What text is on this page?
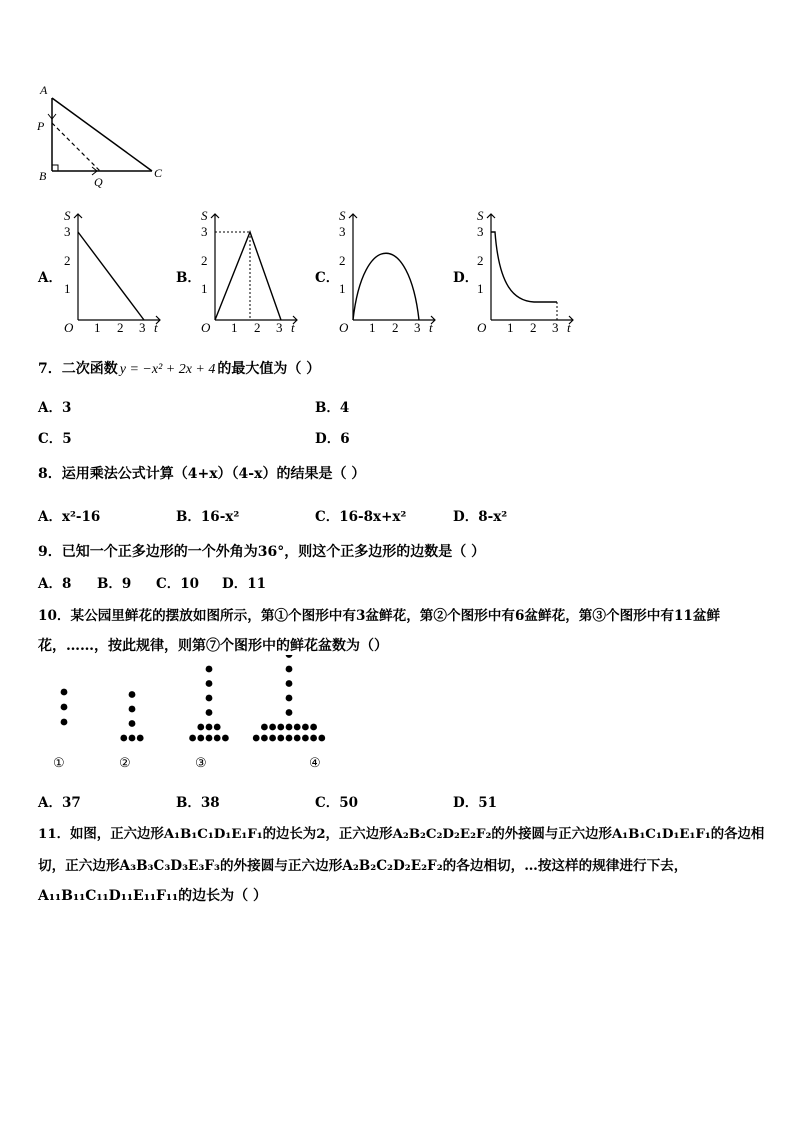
A
P
B	Q
C
A．	B．	C．	D．
S
3
2
1
O 1 2 3 t
S
3
2
1
O 1 2 3 t
S
3
2
1
O 1 2 3 t
S
3
2
1
O 1 2 3 t
7．二次函数 y = −x² + 2x + 4 的最大值为（ ）
A．3	B．4
C．5	D．6
8．运用乘法公式计算（4+x）（4-x）的结果是（ ）
A．x²-16	B．16-x²	C．16-8x+x²	D．8-x²
9．已知一个正多边形的一个外角为36°，则这个正多边形的边数是（ ）
A．8 B．9 C．10 D．11
10．某公园里鲜花的摆放如图所示，第①个图形中有3盆鲜花，第②个图形中有6盆鲜花，第③个图形中有11盆鲜
花，……，按此规律，则第⑦个图形中的鲜花盆数为（）
①	②	③	④
A．37	B．38	C．50	D．51
11．如图，正六边形A₁B₁C₁D₁E₁F₁的边长为2，正六边形A₂B₂C₂D₂E₂F₂的外接圆与正六边形A₁B₁C₁D₁E₁F₁的各边相
切，正六边形A₃B₃C₃D₃E₃F₃的外接圆与正六边形A₂B₂C₂D₂E₂F₂的各边相切，…按这样的规律进行下去，
A₁₁B₁₁C₁₁D₁₁E₁₁F₁₁的边长为（ ）
